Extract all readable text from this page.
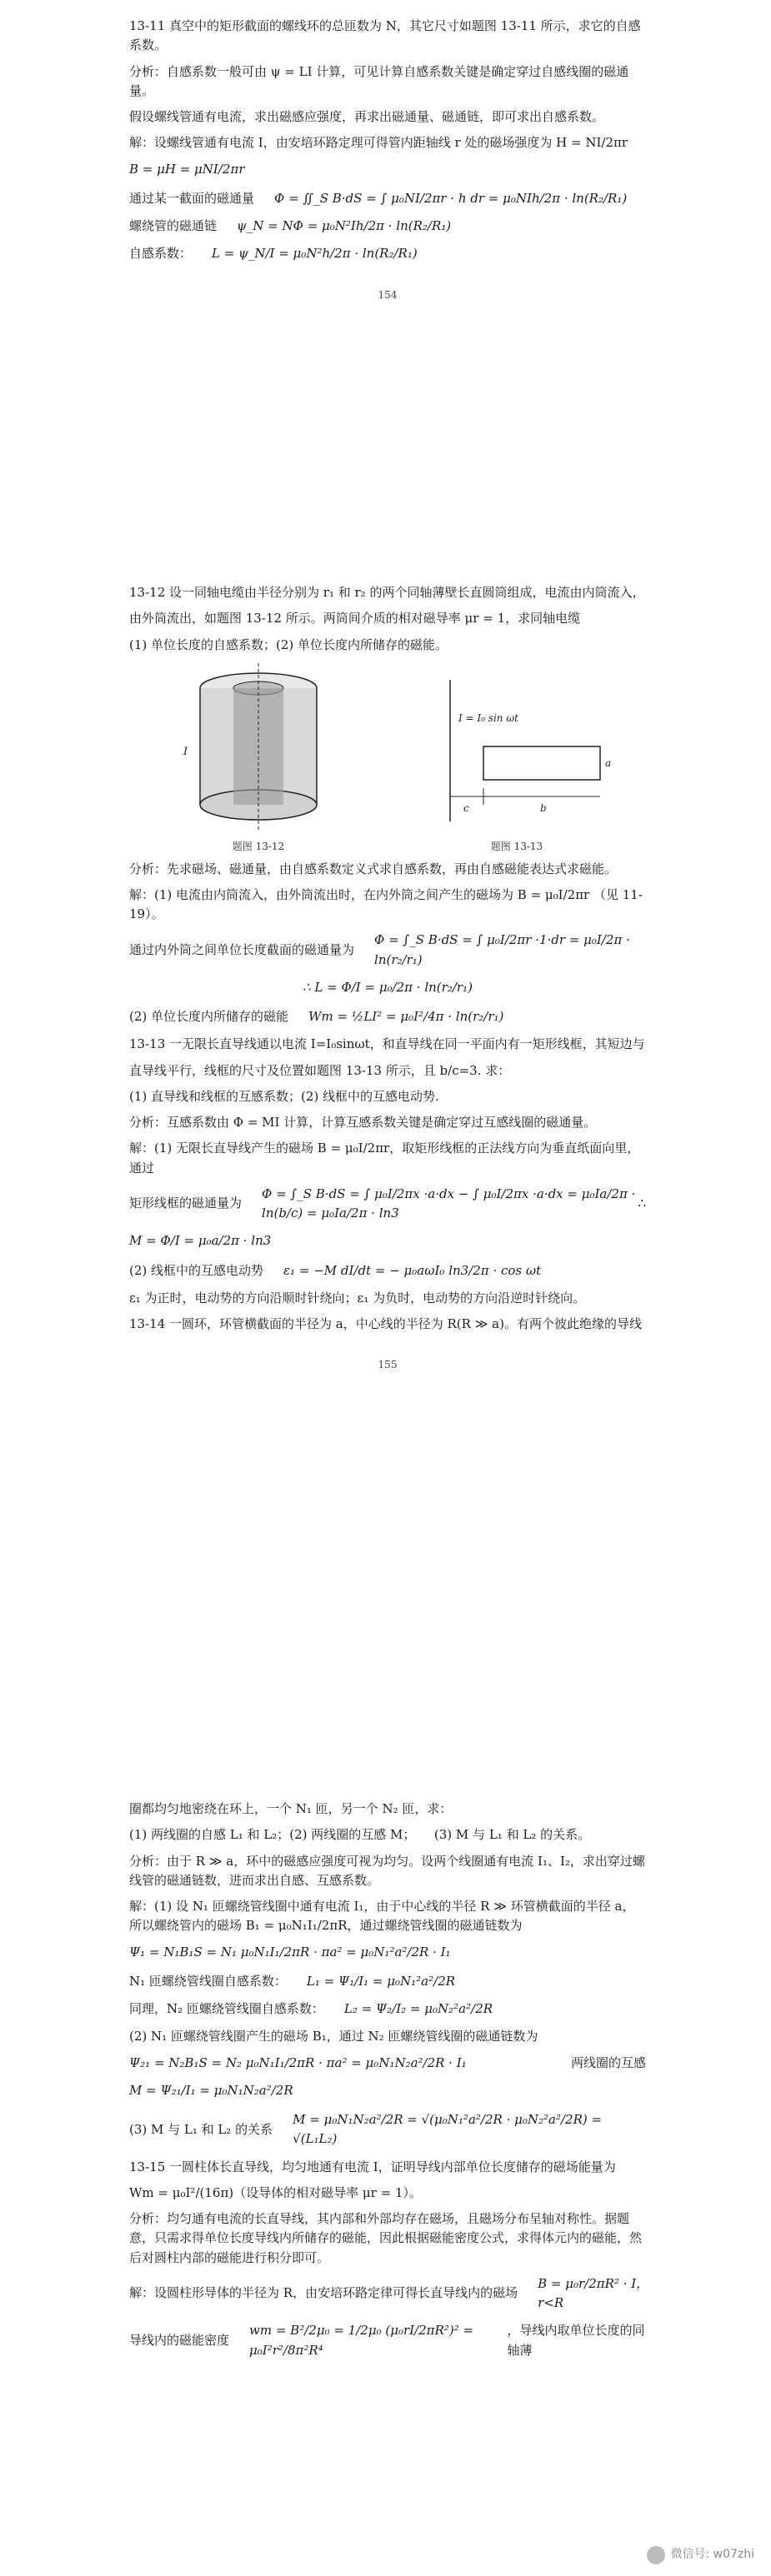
13-11 真空中的矩形截面的螺线环的总匝数为 N，其它尺寸如题图 13-11 所示，求它的自感系数。

分析：自感系数一般可由 ψ = LI 计算，可见计算自感系数关键是确定穿过自感线圈的磁通量。

假设螺线管通有电流，求出磁感应强度，再求出磁通量、磁通链，即可求出自感系数。

解：设螺线管通有电流 I，由安培环路定理可得管内距轴线 r 处的磁场强度为 H = NI/2πr

B = μH = μNI/2πr
通过某一截面的磁通量 Φ = ∬_S B·dS = ∫ μ₀NI/2πr · h dr = μ₀NIh/2π · ln(R₂/R₁)
螺绕管的磁通链 ψ_N = NΦ = μ₀N²Ih/2π · ln(R₂/R₁)
自感系数： L = ψ_N/I = μ₀N²h/2π · ln(R₂/R₁)
154

13-12 设一同轴电缆由半径分别为 r₁ 和 r₂ 的两个同轴薄壁长直圆筒组成，电流由内筒流入，

由外筒流出，如题图 13-12 所示。两筒间介质的相对磁导率 μr = 1，求同轴电缆

(1) 单位长度的自感系数；(2) 单位长度内所储存的磁能。

I
题图 13-12
I = I₀ sin ωt
c	b
a
题图 13-13

分析：先求磁场、磁通量，由自感系数定义式求自感系数，再由自感磁能表达式求磁能。

解：(1) 电流由内筒流入，由外筒流出时，在内外筒之间产生的磁场为 B = μ₀I/2πr （见 11-19）。

通过内外筒之间单位长度截面的磁通量为
Φ = ∫_S B·dS = ∫ μ₀I/2πr ·1·dr = μ₀I/2π · ln(r₂/r₁)
∴ L = Φ/I = μ₀/2π · ln(r₂/r₁)
(2) 单位长度内所储存的磁能 Wm = ½LI² = μ₀I²/4π · ln(r₂/r₁)

13-13 一无限长直导线通以电流 I=I₀sinωt，和直导线在同一平面内有一矩形线框，其短边与

直导线平行，线框的尺寸及位置如题图 13-13 所示，且 b/c=3. 求：

(1) 直导线和线框的互感系数；(2) 线框中的互感电动势.

分析：互感系数由 Φ = MI 计算，计算互感系数关键是确定穿过互感线圈的磁通量。

解：(1) 无限长直导线产生的磁场 B = μ₀I/2πr，取矩形线框的正法线方向为垂直纸面向里，通过

矩形线框的磁通量为
Φ = ∫_S B·dS = ∫ μ₀I/2πx ·a·dx − ∫ μ₀I/2πx ·a·dx = μ₀Ia/2π · ln(b/c) = μ₀Ia/2π · ln3
∴
M = Φ/I = μ₀a/2π · ln3
(2) 线框中的互感电动势 ε₁ = −M dI/dt = − μ₀aωI₀ ln3/2π · cos ωt

ε₁ 为正时，电动势的方向沿顺时针绕向；ε₁ 为负时，电动势的方向沿逆时针绕向。

13-14 一圆环，环管横截面的半径为 a，中心线的半径为 R(R ≫ a)。有两个彼此绝缘的导线

155

圈都均匀地密绕在环上，一个 N₁ 匝，另一个 N₂ 匝，求：

(1) 两线圈的自感 L₁ 和 L₂；(2) 两线圈的互感 M；　　(3) M 与 L₁ 和 L₂ 的关系。

分析：由于 R ≫ a，环中的磁感应强度可视为均匀。设两个线圈通有电流 I₁、I₂，求出穿过螺线管的磁通链数，进而求出自感、互感系数。

解：(1) 设 N₁ 匝螺绕管线圈中通有电流 I₁，由于中心线的半径 R ≫ 环管横截面的半径 a，所以螺绕管内的磁场 B₁ = μ₀N₁I₁/2πR，通过螺绕管线圈的磁通链数为

Ψ₁ = N₁B₁S = N₁ μ₀N₁I₁/2πR · πa² = μ₀N₁²a²/2R · I₁
N₁ 匝螺绕管线圈自感系数： L₁ = Ψ₁/I₁ = μ₀N₁²a²/2R
同理，N₂ 匝螺绕管线圈自感系数： L₂ = Ψ₂/I₂ = μ₀N₂²a²/2R

(2) N₁ 匝螺绕管线圈产生的磁场 B₁，通过 N₂ 匝螺绕管线圈的磁通链数为

Ψ₂₁ = N₂B₁S = N₂ μ₀N₁I₁/2πR · πa² = μ₀N₁N₂a²/2R · I₁	两线圈的互感
M = Ψ₂₁/I₁ = μ₀N₁N₂a²/2R
(3) M 与 L₁ 和 L₂ 的关系
M = μ₀N₁N₂a²/2R = √(μ₀N₁²a²/2R · μ₀N₂²a²/2R) = √(L₁L₂)

13-15 一圆柱体长直导线，均匀地通有电流 I，证明导线内部单位长度储存的磁场能量为

Wm = μ₀I²/(16π)（设导体的相对磁导率 μr = 1）。

分析：均匀通有电流的长直导线，其内部和外部均存在磁场，且磁场分布呈轴对称性。据题意，只需求得单位长度导线内所储存的磁能，因此根据磁能密度公式，求得体元内的磁能，然后对圆柱内部的磁能进行积分即可。

解：设圆柱形导体的半径为 R，由安培环路定律可得长直导线内的磁场
B = μ₀r/2πR² · I，　r<R
导线内的磁能密度
wm = B²/2μ₀ = 1/2μ₀ (μ₀rI/2πR²)² = μ₀I²r²/8π²R⁴
，导线内取单位长度的同轴薄
微信号: w07zhi
